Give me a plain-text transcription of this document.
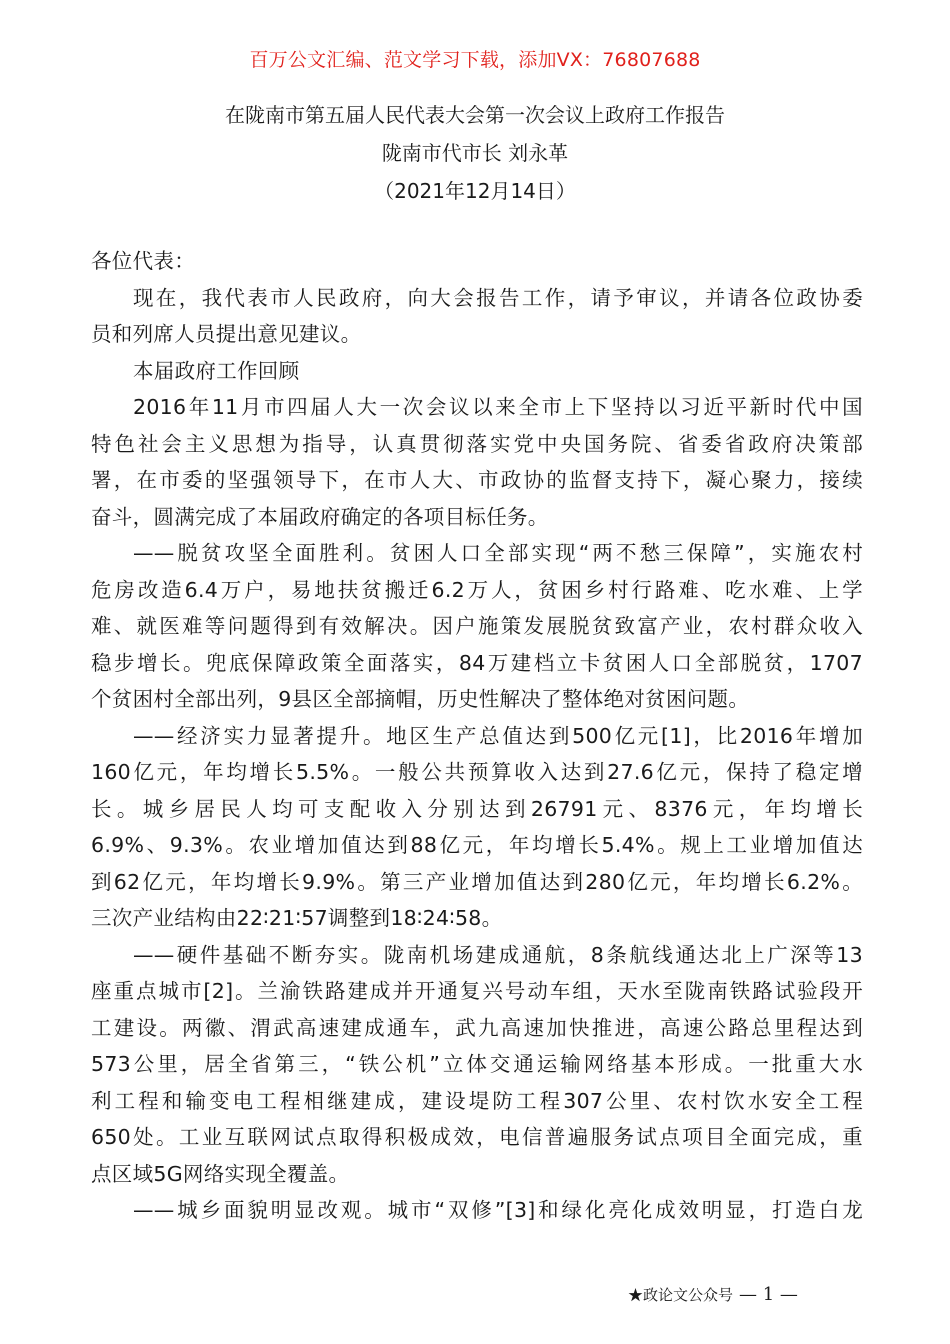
百万公文汇编、范文学习下载，添加VX：76807688
在陇南市第五届人民代表大会第一次会议上政府工作报告
陇南市代市长 刘永革
（2021年12月14日）
各位代表：
现在，我代表市人民政府，向大会报告工作，请予审议，并请各位政协委
员和列席人员提出意见建议。
本届政府工作回顾
2016年11月市四届人大一次会议以来全市上下坚持以习近平新时代中国
特色社会主义思想为指导，认真贯彻落实党中央国务院、省委省政府决策部
署，在市委的坚强领导下，在市人大、市政协的监督支持下，凝心聚力，接续
奋斗，圆满完成了本届政府确定的各项目标任务。
——脱贫攻坚全面胜利。贫困人口全部实现“两不愁三保障”，实施农村
危房改造6.4万户，易地扶贫搬迁6.2万人，贫困乡村行路难、吃水难、上学
难、就医难等问题得到有效解决。因户施策发展脱贫致富产业，农村群众收入
稳步增长。兜底保障政策全面落实，84万建档立卡贫困人口全部脱贫，1707
个贫困村全部出列，9县区全部摘帽，历史性解决了整体绝对贫困问题。
——经济实力显著提升。地区生产总值达到500亿元[1]，比2016年增加
160亿元，年均增长5.5%。一般公共预算收入达到27.6亿元，保持了稳定增
长。城乡居民人均可支配收入分别达到26791元、8376元，年均增长
6.9%、9.3%。农业增加值达到88亿元，年均增长5.4%。规上工业增加值达
到62亿元，年均增长9.9%。第三产业增加值达到280亿元，年均增长6.2%。
三次产业结构由22∶21∶57调整到18∶24∶58。
——硬件基础不断夯实。陇南机场建成通航，8条航线通达北上广深等13
座重点城市[2]。兰渝铁路建成并开通复兴号动车组，天水至陇南铁路试验段开
工建设。两徽、渭武高速建成通车，武九高速加快推进，高速公路总里程达到
573公里，居全省第三，“铁公机”立体交通运输网络基本形成。一批重大水
利工程和输变电工程相继建成，建设堤防工程307公里、农村饮水安全工程
650处。工业互联网试点取得积极成效，电信普遍服务试点项目全面完成，重
点区域5G网络实现全覆盖。
——城乡面貌明显改观。城市“双修”[3]和绿化亮化成效明显，打造白龙
★政论文公众号 — 1 —
